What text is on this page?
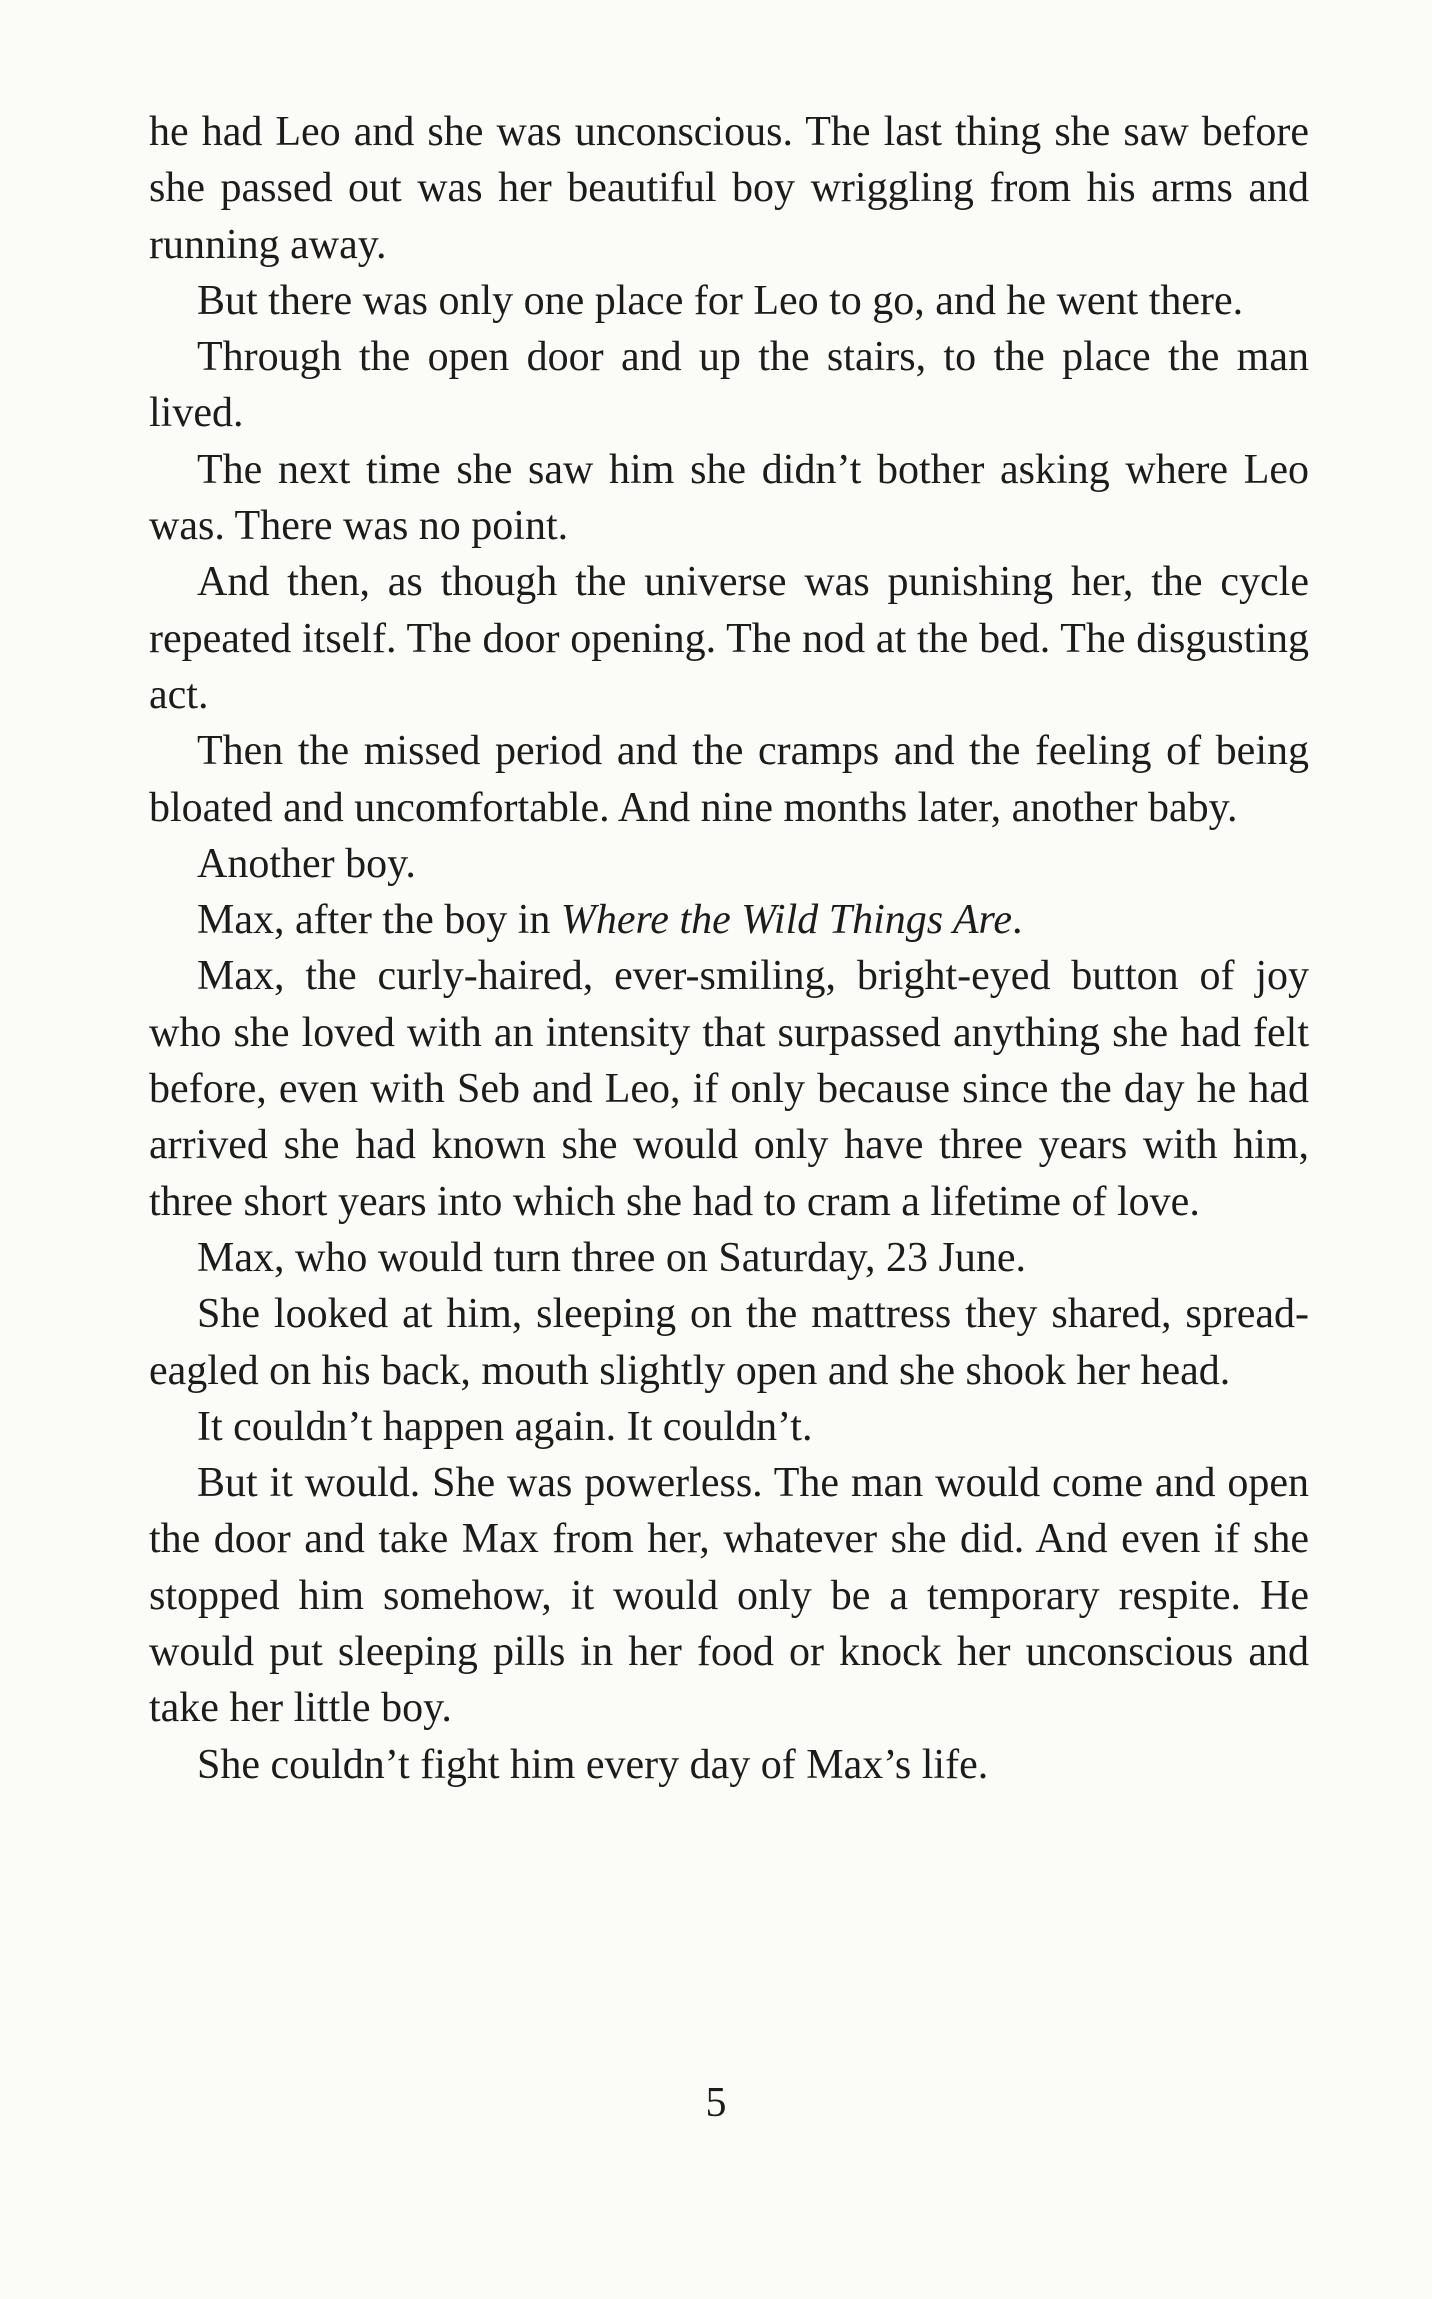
he had Leo and she was unconscious. The last thing she saw before she passed out was her beautiful boy wriggling from his arms and running away.

But there was only one place for Leo to go, and he went there.

Through the open door and up the stairs, to the place the man lived.

The next time she saw him she didn’t bother asking where Leo was. There was no point.

And then, as though the universe was punishing her, the cycle repeated itself. The door opening. The nod at the bed. The disgusting act.

Then the missed period and the cramps and the feeling of being bloated and uncomfortable. And nine months later, another baby.

Another boy.

Max, after the boy in Where the Wild Things Are.

Max, the curly-haired, ever-smiling, bright-eyed button of joy who she loved with an intensity that surpassed anything she had felt before, even with Seb and Leo, if only because since the day he had arrived she had known she would only have three years with him, three short years into which she had to cram a lifetime of love.

Max, who would turn three on Saturday, 23 June.

She looked at him, sleeping on the mattress they shared, spread-eagled on his back, mouth slightly open and she shook her head.

It couldn’t happen again. It couldn’t.

But it would. She was powerless. The man would come and open the door and take Max from her, whatever she did. And even if she stopped him somehow, it would only be a temporary respite. He would put sleeping pills in her food or knock her unconscious and take her little boy.

She couldn’t fight him every day of Max’s life.

5
